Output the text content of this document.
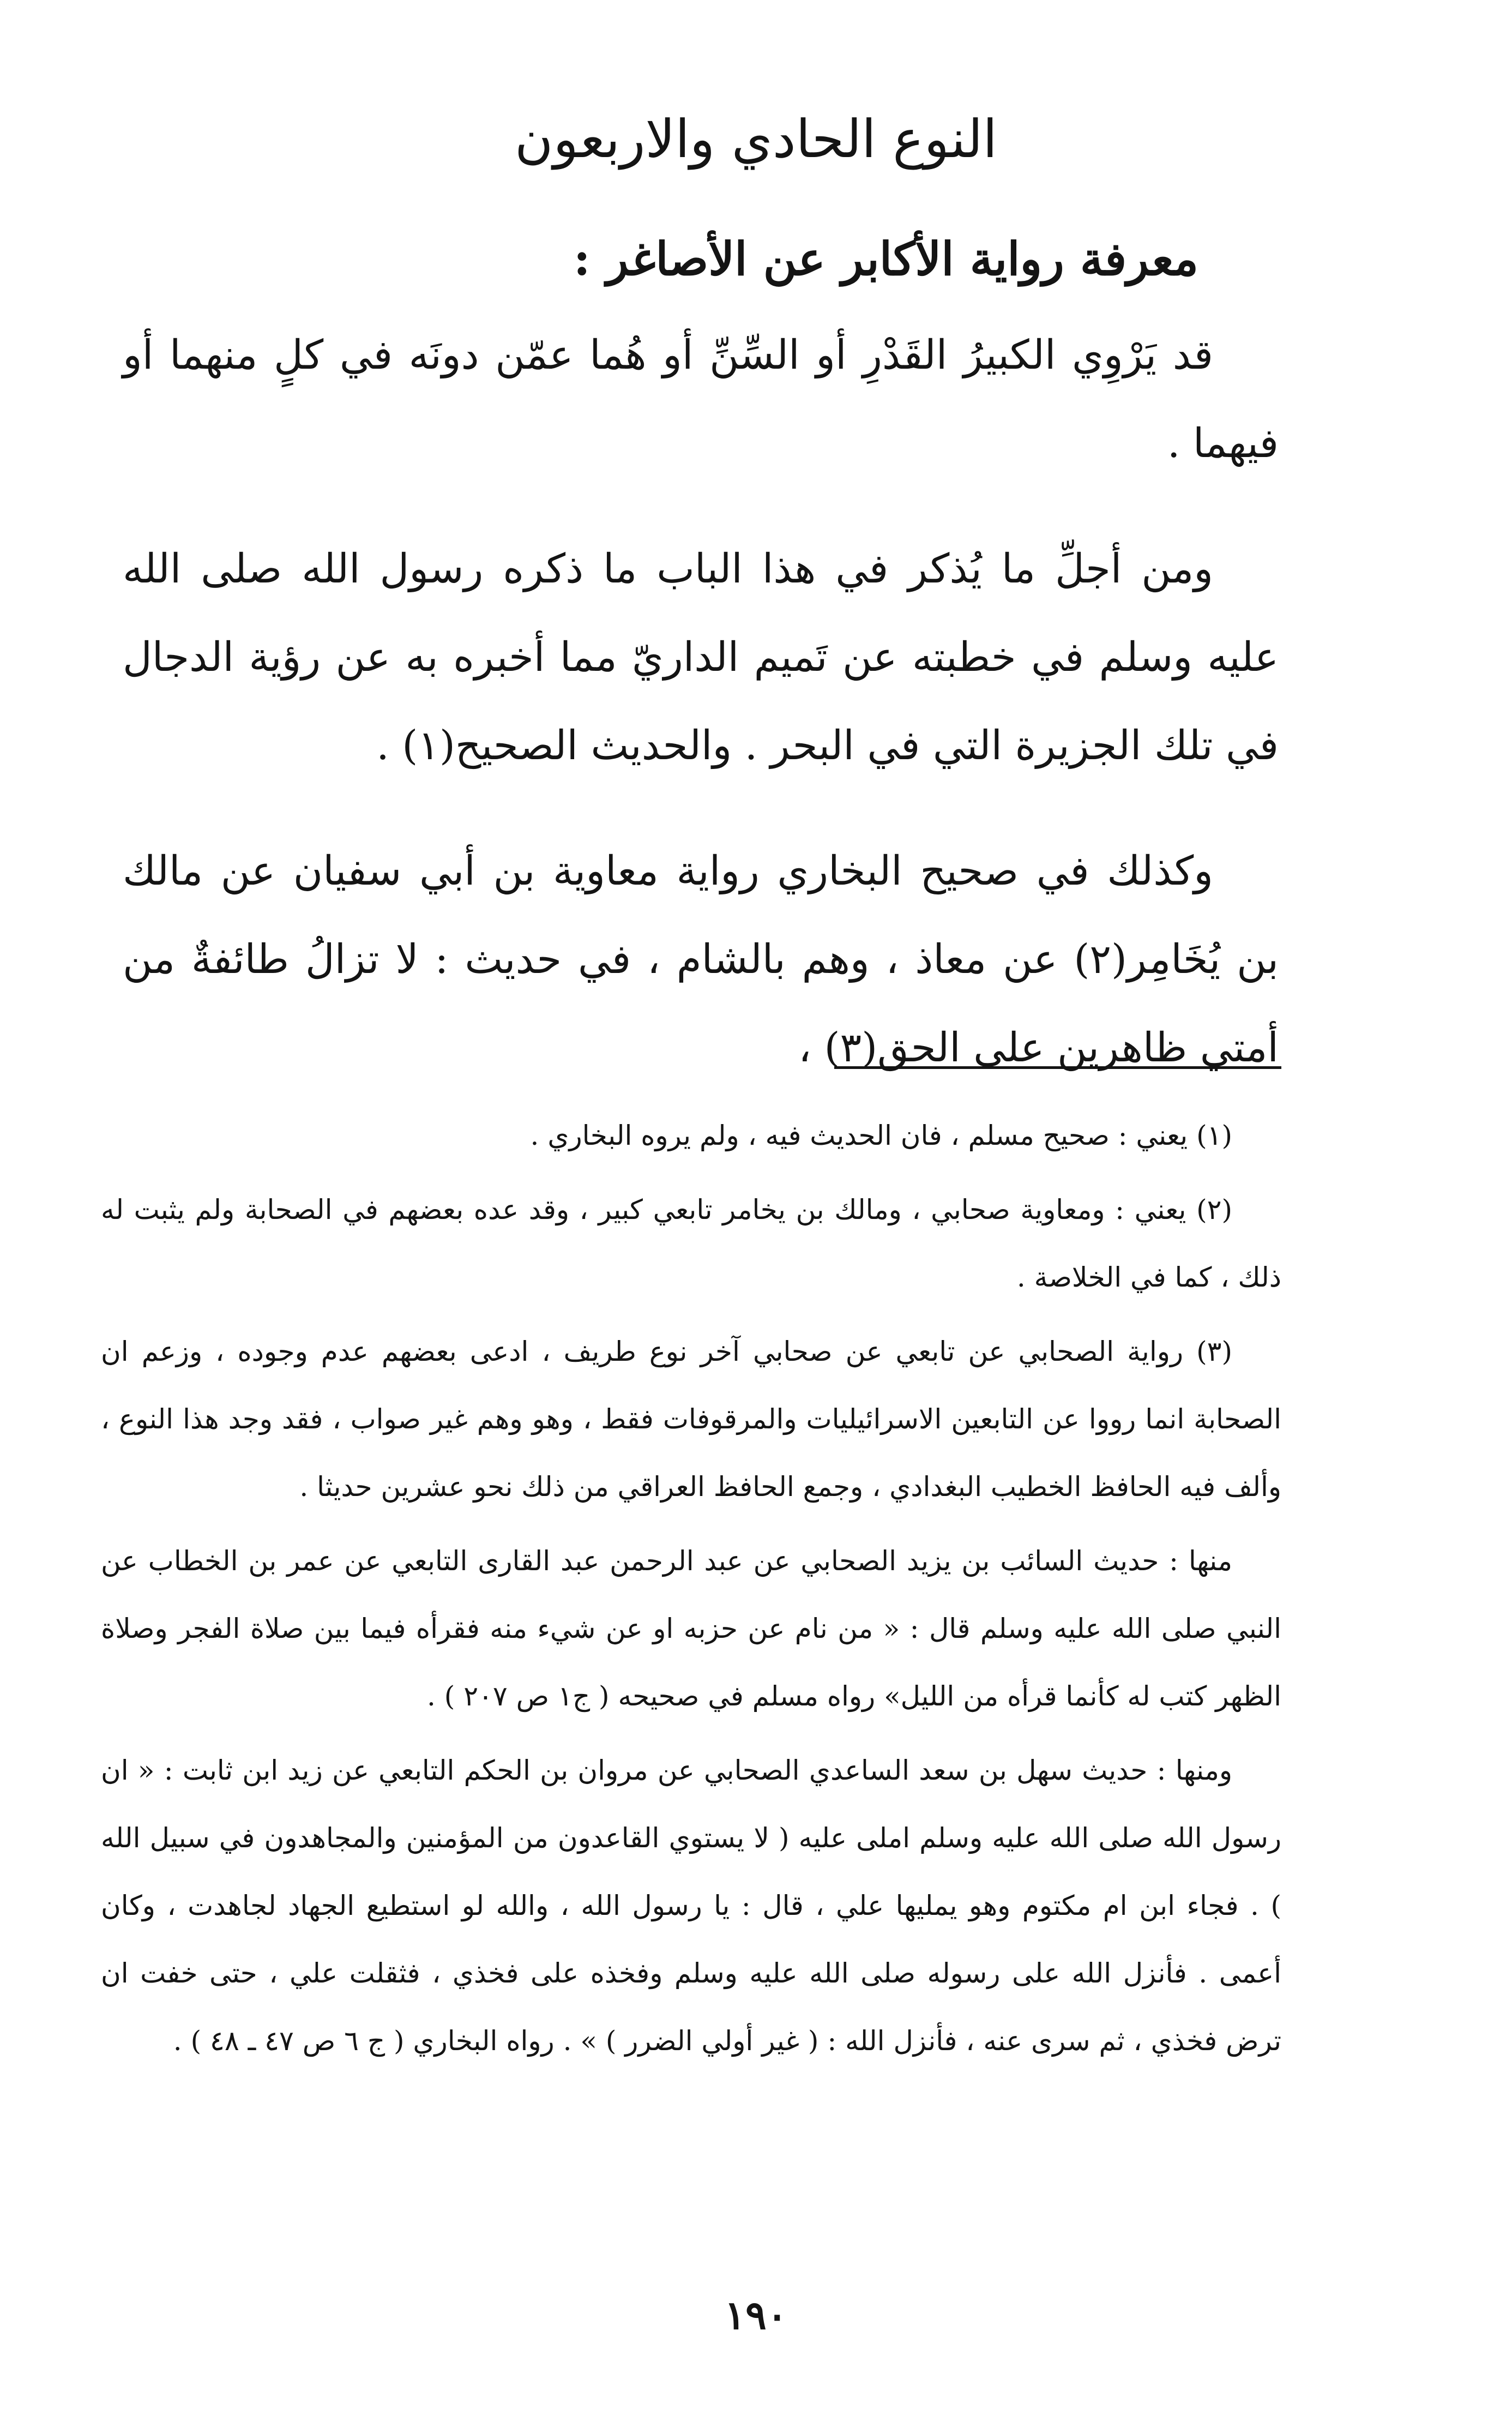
النوع الحادي والاربعون
معرفة رواية الأكابر عن الأصاغر :

قد يَرْوِي الكبيرُ القَدْرِ أو السِّنِّ أو هُما عمّن دونَه في كلٍ منهما أو فيهما .

ومن أجلِّ ما يُذكر في هذا الباب ما ذكره رسول الله صلى الله عليه وسلم في خطبته عن تَميم الداريّ مما أخبره به عن رؤية الدجال في تلك الجزيرة التي في البحر . والحديث الصحيح(١) .

وكذلك في صحيح البخاري رواية معاوية بن أبي سفيان عن مالك بن يُخَامِر(٢) عن معاذ ، وهم بالشام ، في حديث : لا تزالُ طائفةٌ من أمتي ظاهرين على الحق(٣) ،

(١) يعني : صحيح مسلم ، فان الحديث فيه ، ولم يروه البخاري .

(٢) يعني : ومعاوية صحابي ، ومالك بن يخامر تابعي كبير ، وقد عده بعضهم في الصحابة ولم يثبت له ذلك ، كما في الخلاصة .

(٣) رواية الصحابي عن تابعي عن صحابي آخر نوع طريف ، ادعى بعضهم عدم وجوده ، وزعم ان الصحابة انما رووا عن التابعين الاسرائيليات والمرقوفات فقط ، وهو وهم غير صواب ، فقد وجد هذا النوع ، وألف فيه الحافظ الخطيب البغدادي ، وجمع الحافظ العراقي من ذلك نحو عشرين حديثا .

منها : حديث السائب بن يزيد الصحابي عن عبد الرحمن عبد القارى التابعي عن عمر بن الخطاب عن النبي صلى الله عليه وسلم قال : « من نام عن حزبه او عن شيء منه فقرأه فيما بين صلاة الفجر وصلاة الظهر كتب له كأنما قرأه من الليل» رواه مسلم في صحيحه ( ج١ ص ٢٠٧ ) .

ومنها : حديث سهل بن سعد الساعدي الصحابي عن مروان بن الحكم التابعي عن زيد ابن ثابت : « ان رسول الله صلى الله عليه وسلم املى عليه ( لا يستوي القاعدون من المؤمنين والمجاهدون في سبيل الله ) . فجاء ابن ام مكتوم وهو يمليها علي ، قال : يا رسول الله ، والله لو استطيع الجهاد لجاهدت ، وكان أعمى . فأنزل الله على رسوله صلى الله عليه وسلم وفخذه على فخذي ، فثقلت علي ، حتى خفت ان ترض فخذي ، ثم سرى عنه ، فأنزل الله : ( غير أولي الضرر ) » . رواه البخاري ( ج ٦ ص ٤٧ ـ ٤٨ ) .

١٩٠
